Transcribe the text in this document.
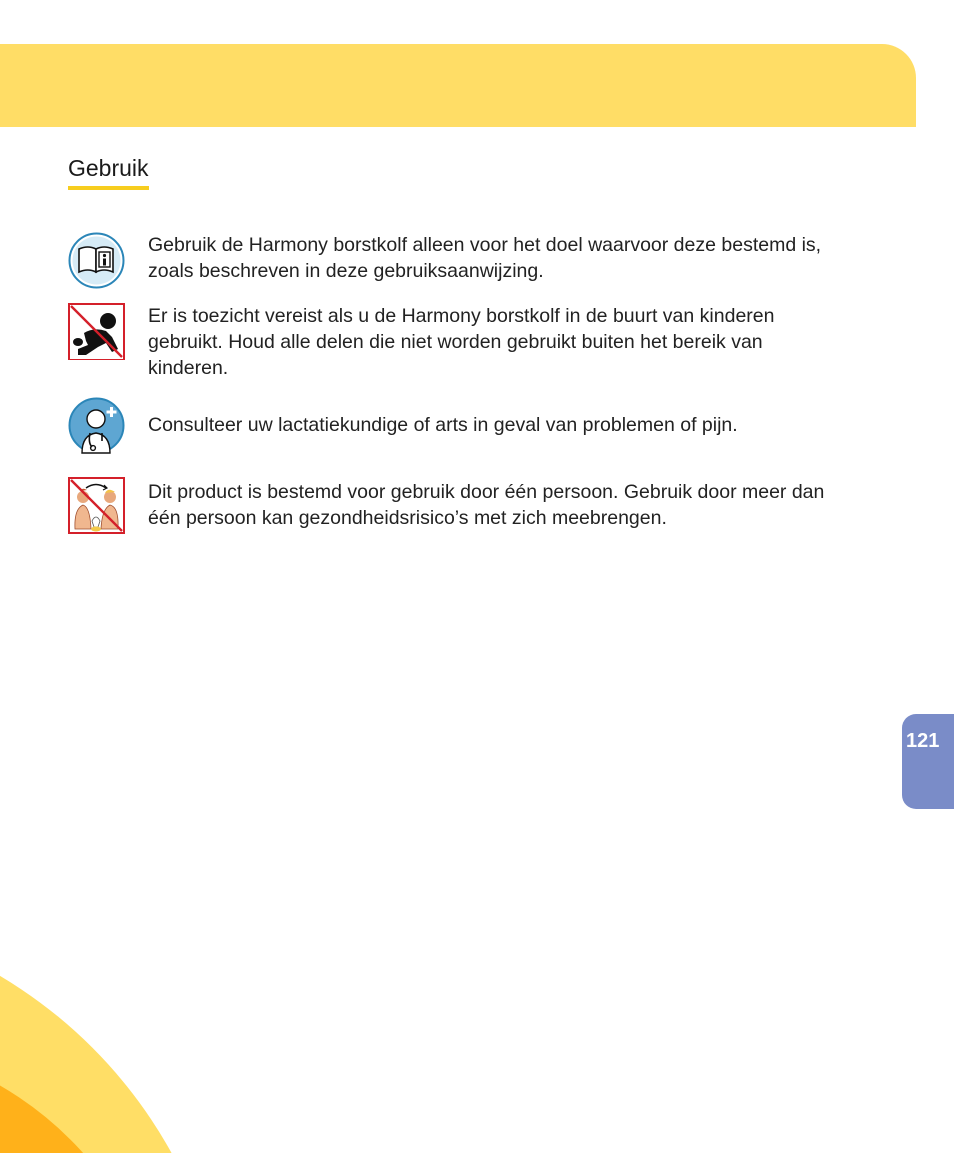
Gebruik
Gebruik de Harmony borstkolf alleen voor het doel waarvoor deze bestemd is, zoals beschreven in deze gebruiksaanwijzing.
Er is toezicht vereist als u de Harmony borstkolf in de buurt van kinderen gebruikt. Houd alle delen die niet worden gebruikt buiten het bereik van kinderen.
Consulteer uw lactatiekundige of arts in geval van problemen of pijn.
Dit product is bestemd voor gebruik door één persoon. Gebruik door meer dan één persoon kan gezondheidsrisico’s met zich meebrengen.
121
